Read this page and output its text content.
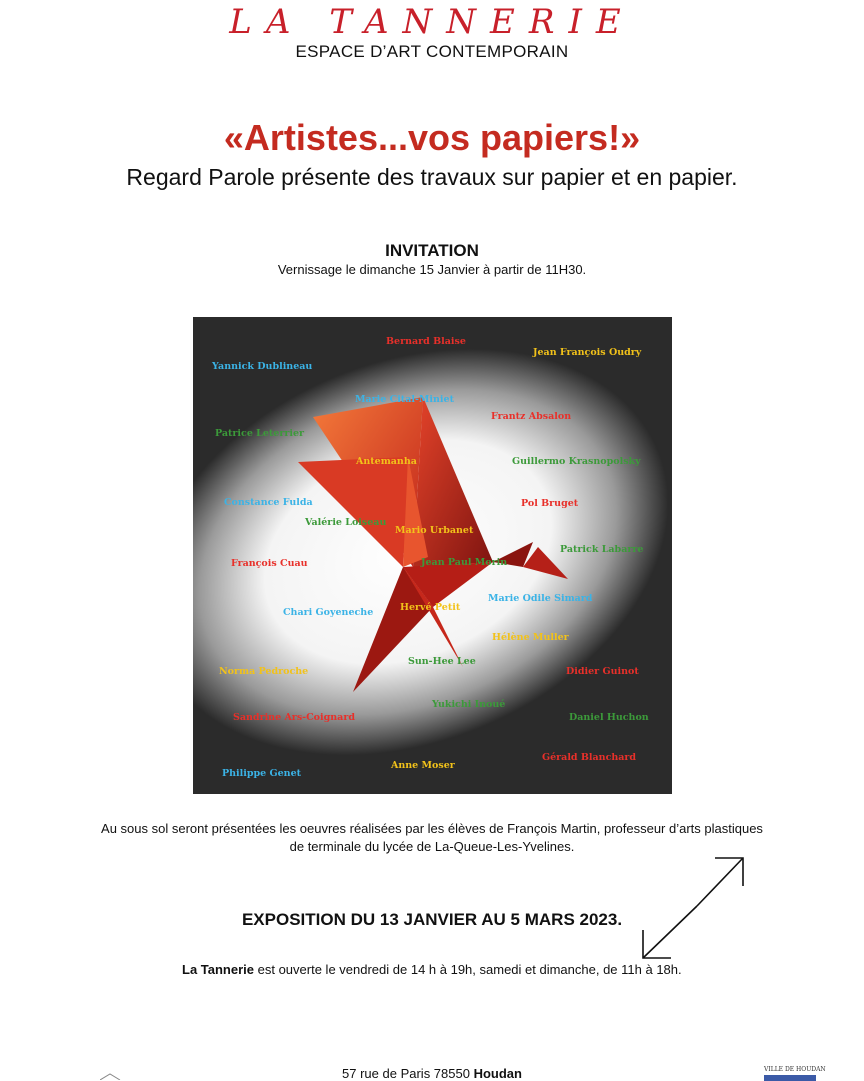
LA TANNERIE
ESPACE D’ART CONTEMPORAIN
«Artistes...vos papiers!»
Regard Parole présente des travaux sur papier et en papier.
INVITATION
Vernissage le dimanche 15 Janvier à partir de 11H30.
Bernard Blaise
Jean François Oudry
Yannick Dublineau
Marie Cital-Miniet
Frantz Absalon
Patrice Leterrier
Antemanha	Guillermo Krasnopolsky
Constance Fulda	Pol Bruget
Valérie Loiseau
Mario Urbanet
Patrick Labarre
François Cuau	Jean Paul Morin
Marie Odile Simard
Chari Goyeneche	Hervé Petit
Hélène Muller
Sun-Hee Lee
Didier Guinot
Norma Pedroche
Yukichi Inoué
Sandrine Ars-Coignard	Daniel Huchon
Gérald Blanchard
Anne Moser
Philippe Genet
Au sous sol seront présentées les oeuvres réalisées par les élèves de François Martin, professeur d’arts plastiques
de terminale du lycée de La-Queue-Les-Yvelines.
EXPOSITION DU 13 JANVIER AU 5 MARS 2023.
La Tannerie est ouverte le vendredi de 14 h à 19h, samedi et dimanche, de 11h à 18h.
57 rue de Paris 78550 Houdan	VILLE DE HOUDAN
